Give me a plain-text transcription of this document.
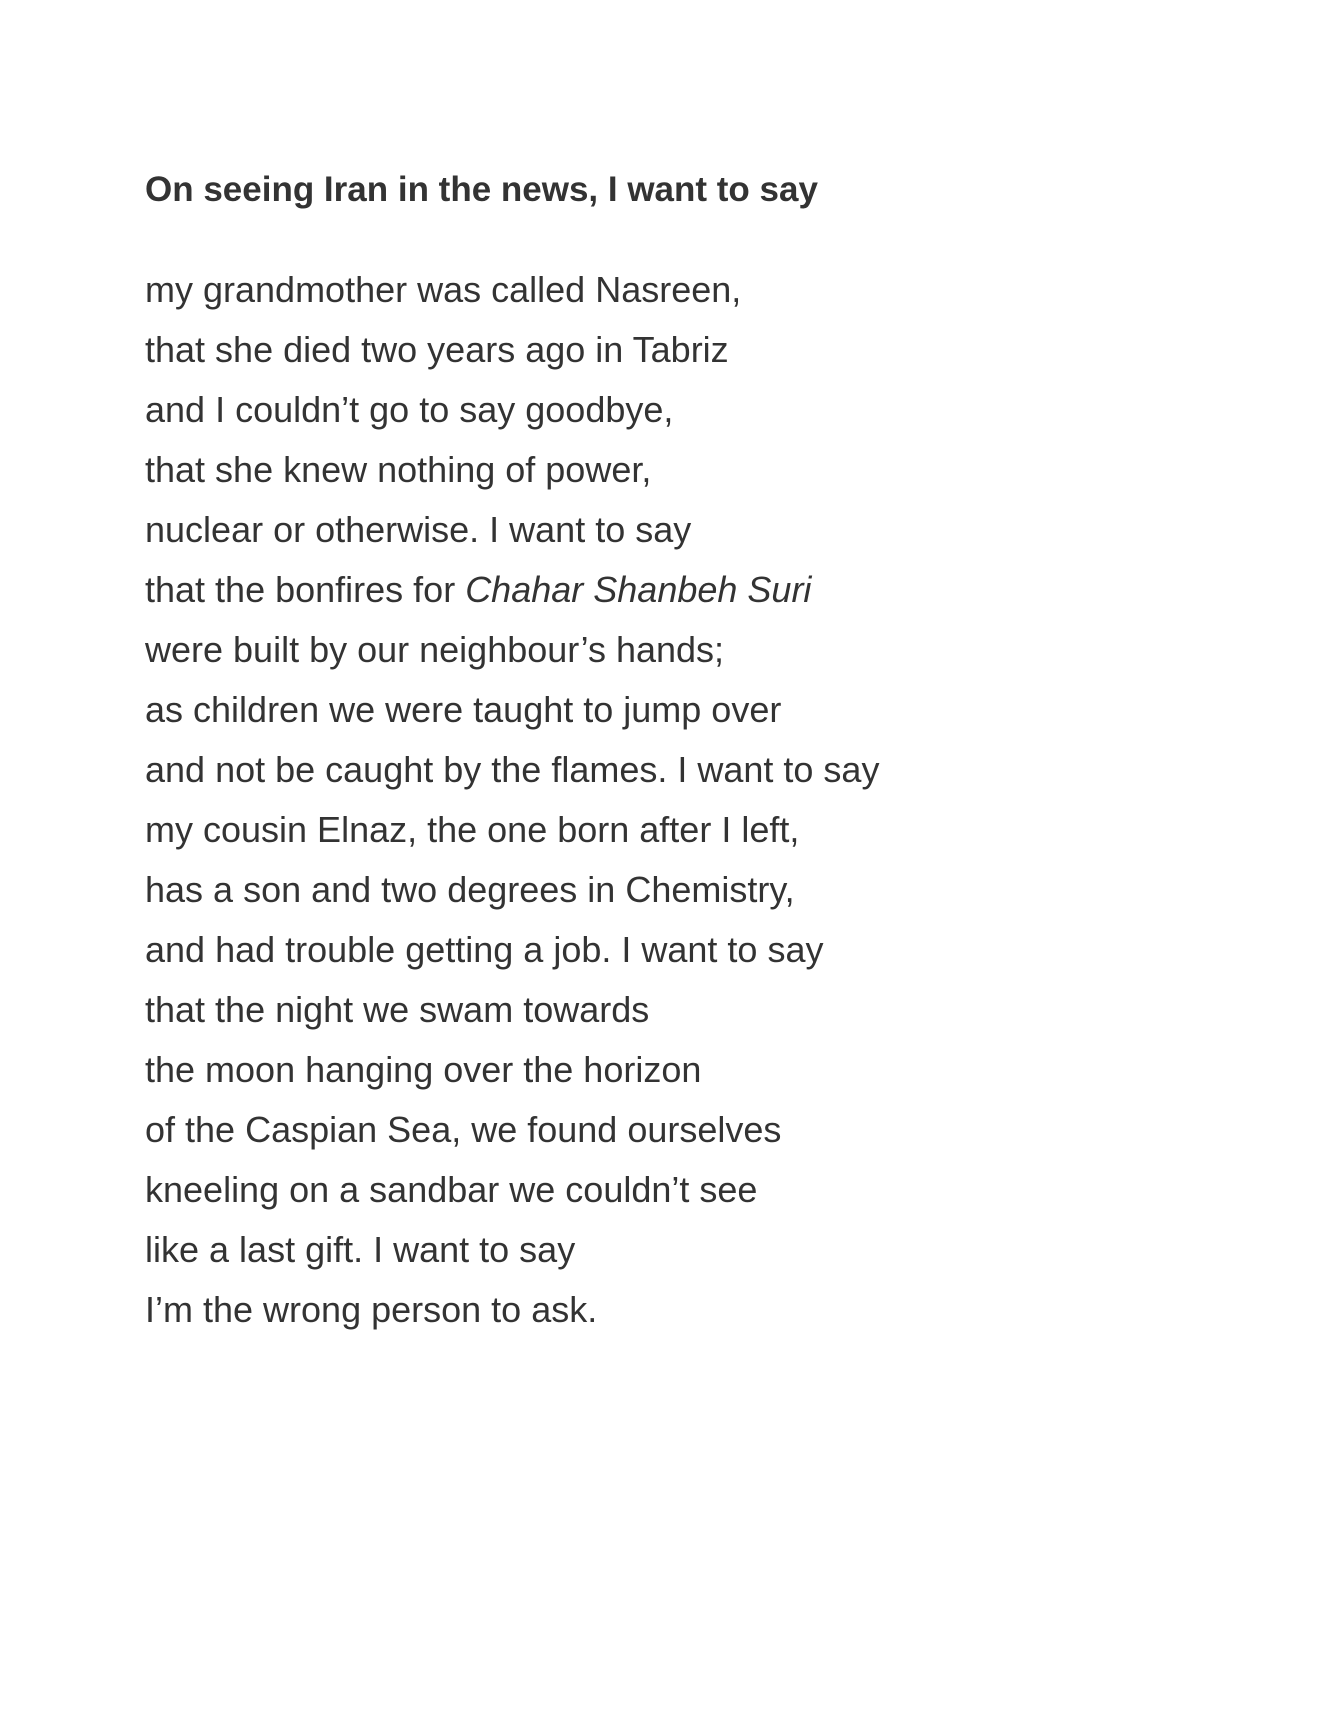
On seeing Iran in the news, I want to say
my grandmother was called Nasreen,
that she died two years ago in Tabriz
and I couldn’t go to say goodbye,
that she knew nothing of power,
nuclear or otherwise. I want to say
that the bonfires for Chahar Shanbeh Suri
were built by our neighbour’s hands;
as children we were taught to jump over
and not be caught by the flames. I want to say
my cousin Elnaz, the one born after I left,
has a son and two degrees in Chemistry,
and had trouble getting a job. I want to say
that the night we swam towards
the moon hanging over the horizon
of the Caspian Sea, we found ourselves
kneeling on a sandbar we couldn’t see
like a last gift. I want to say
I’m the wrong person to ask.
